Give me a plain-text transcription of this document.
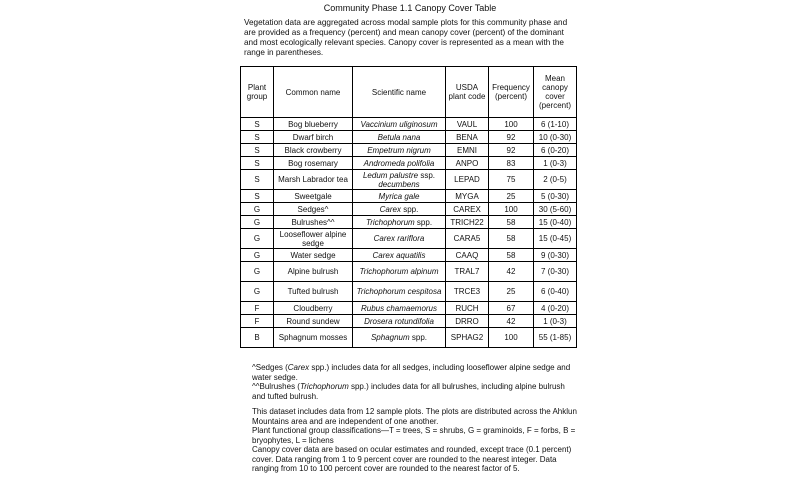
Community Phase 1.1 Canopy Cover Table
Vegetation data are aggregated across modal sample plots for this community phase and are provided as a frequency (percent) and mean canopy cover (percent) of the dominant and most ecologically relevant species. Canopy cover is represented as a mean with the range in parentheses.
Plant group	Common name	Scientific name	USDA plant code	Frequency (percent)	Mean canopy cover (percent)
S	Bog blueberry	Vaccinium uliginosum	VAUL	100	6 (1-10)
S	Dwarf birch	Betula nana	BENA	92	10 (0-30)
S	Black crowberry	Empetrum nigrum	EMNI	92	6 (0-20)
S	Bog rosemary	Andromeda polifolia	ANPO	83	1 (0-3)
S	Marsh Labrador tea	Ledum palustre ssp.
decumbens	LEPAD	75	2 (0-5)
S	Sweetgale	Myrica gale	MYGA	25	5 (0-30)
G	Sedges^	Carex spp.	CAREX	100	30 (5-60)
G	Bulrushes^^	Trichophorum spp.	TRICH22	58	15 (0-40)
G	Looseflower alpine sedge	Carex rariflora	CARA5	58	15 (0-45)
G	Water sedge	Carex aquatilis	CAAQ	58	9 (0-30)
G	Alpine bulrush	Trichophorum alpinum	TRAL7	42	7 (0-30)
G	Tufted bulrush	Trichophorum cespitosa	TRCE3	25	6 (0-40)
F	Cloudberry	Rubus chamaemorus	RUCH	67	4 (0-20)
F	Round sundew	Drosera rotundifolia	DRRO	42	1 (0-3)
B	Sphagnum mosses	Sphagnum spp.	SPHAG2	100	55 (1-85)

^Sedges (Carex spp.) includes data for all sedges, including looseflower alpine sedge and water sedge.

^^Bulrushes (Trichophorum spp.) includes data for all bulrushes, including alpine bulrush and tufted bulrush.

This dataset includes data from 12 sample plots. The plots are distributed across the Ahklun Mountains area and are independent of one another.

Plant functional group classifications—T = trees, S = shrubs, G = graminoids, F = forbs, B = bryophytes, L = lichens

Canopy cover data are based on ocular estimates and rounded, except trace (0.1 percent) cover. Data ranging from 1 to 9 percent cover are rounded to the nearest integer. Data ranging from 10 to 100 percent cover are rounded to the nearest factor of 5.
